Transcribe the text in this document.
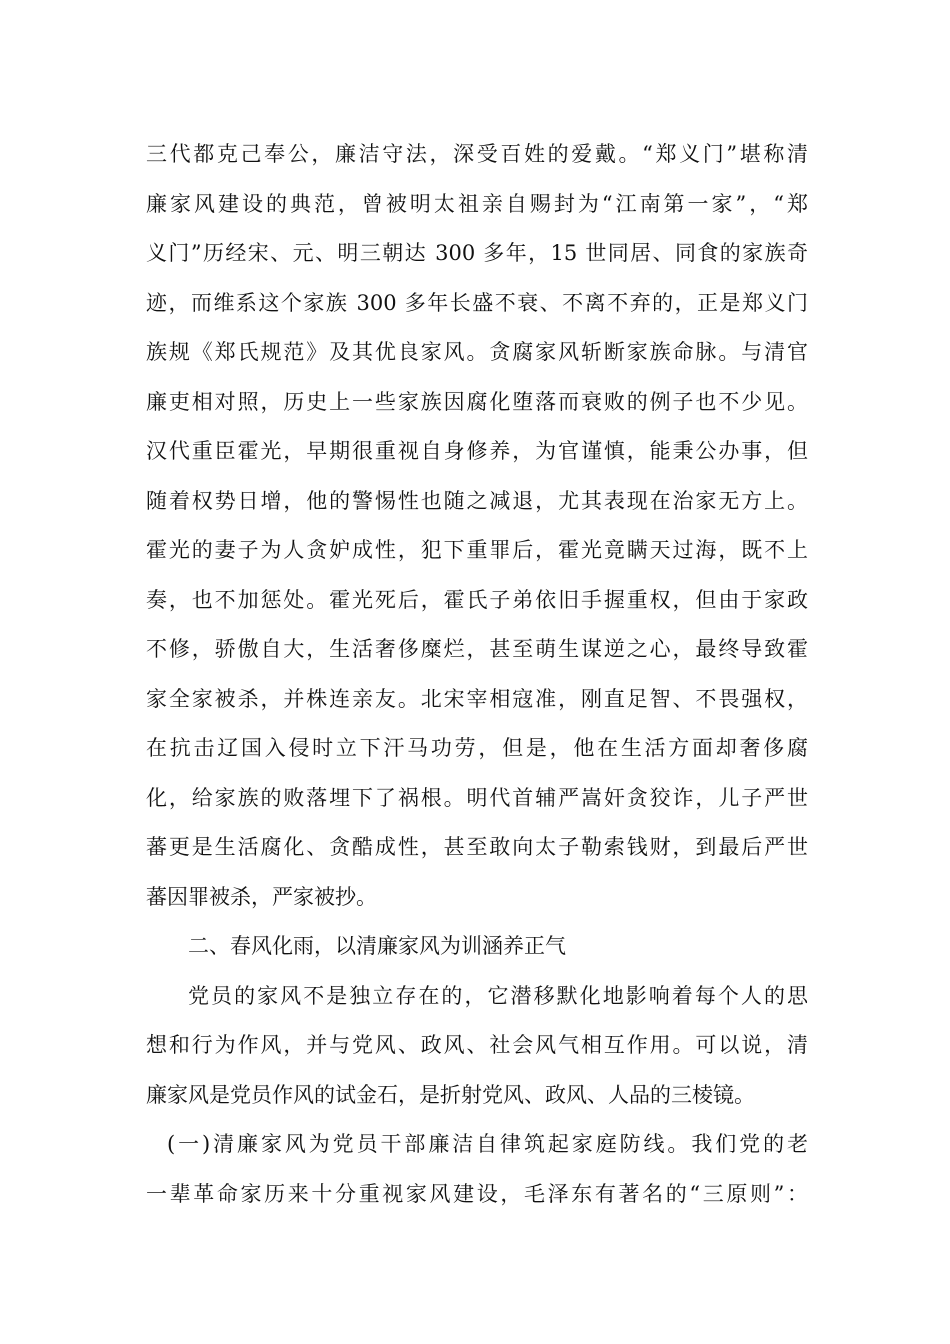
三代都克己奉公，廉洁守法，深受百姓的爱戴。“郑义门”堪称清
廉家风建设的典范，曾被明太祖亲自赐封为“江南第一家”，“郑
义门”历经宋、元、明三朝达 300 多年，15 世同居、同食的家族奇
迹，而维系这个家族 300 多年长盛不衰、不离不弃的，正是郑义门
族规《郑氏规范》及其优良家风。贪腐家风斩断家族命脉。与清官
廉吏相对照，历史上一些家族因腐化堕落而衰败的例子也不少见。
汉代重臣霍光，早期很重视自身修养，为官谨慎，能秉公办事，但
随着权势日增，他的警惕性也随之减退，尤其表现在治家无方上。
霍光的妻子为人贪妒成性，犯下重罪后，霍光竟瞒天过海，既不上
奏，也不加惩处。霍光死后，霍氏子弟依旧手握重权，但由于家政
不修，骄傲自大，生活奢侈糜烂，甚至萌生谋逆之心，最终导致霍
家全家被杀，并株连亲友。北宋宰相寇准，刚直足智、不畏强权，
在抗击辽国入侵时立下汗马功劳，但是，他在生活方面却奢侈腐
化，给家族的败落埋下了祸根。明代首辅严嵩奸贪狡诈，儿子严世
蕃更是生活腐化、贪酷成性，甚至敢向太子勒索钱财，到最后严世
蕃因罪被杀，严家被抄。
二、春风化雨，以清廉家风为训涵养正气
党员的家风不是独立存在的，它潜移默化地影响着每个人的思
想和行为作风，并与党风、政风、社会风气相互作用。可以说，清
廉家风是党员作风的试金石，是折射党风、政风、人品的三棱镜。
(一)清廉家风为党员干部廉洁自律筑起家庭防线。我们党的老
一辈革命家历来十分重视家风建设，毛泽东有著名的“三原则”：
